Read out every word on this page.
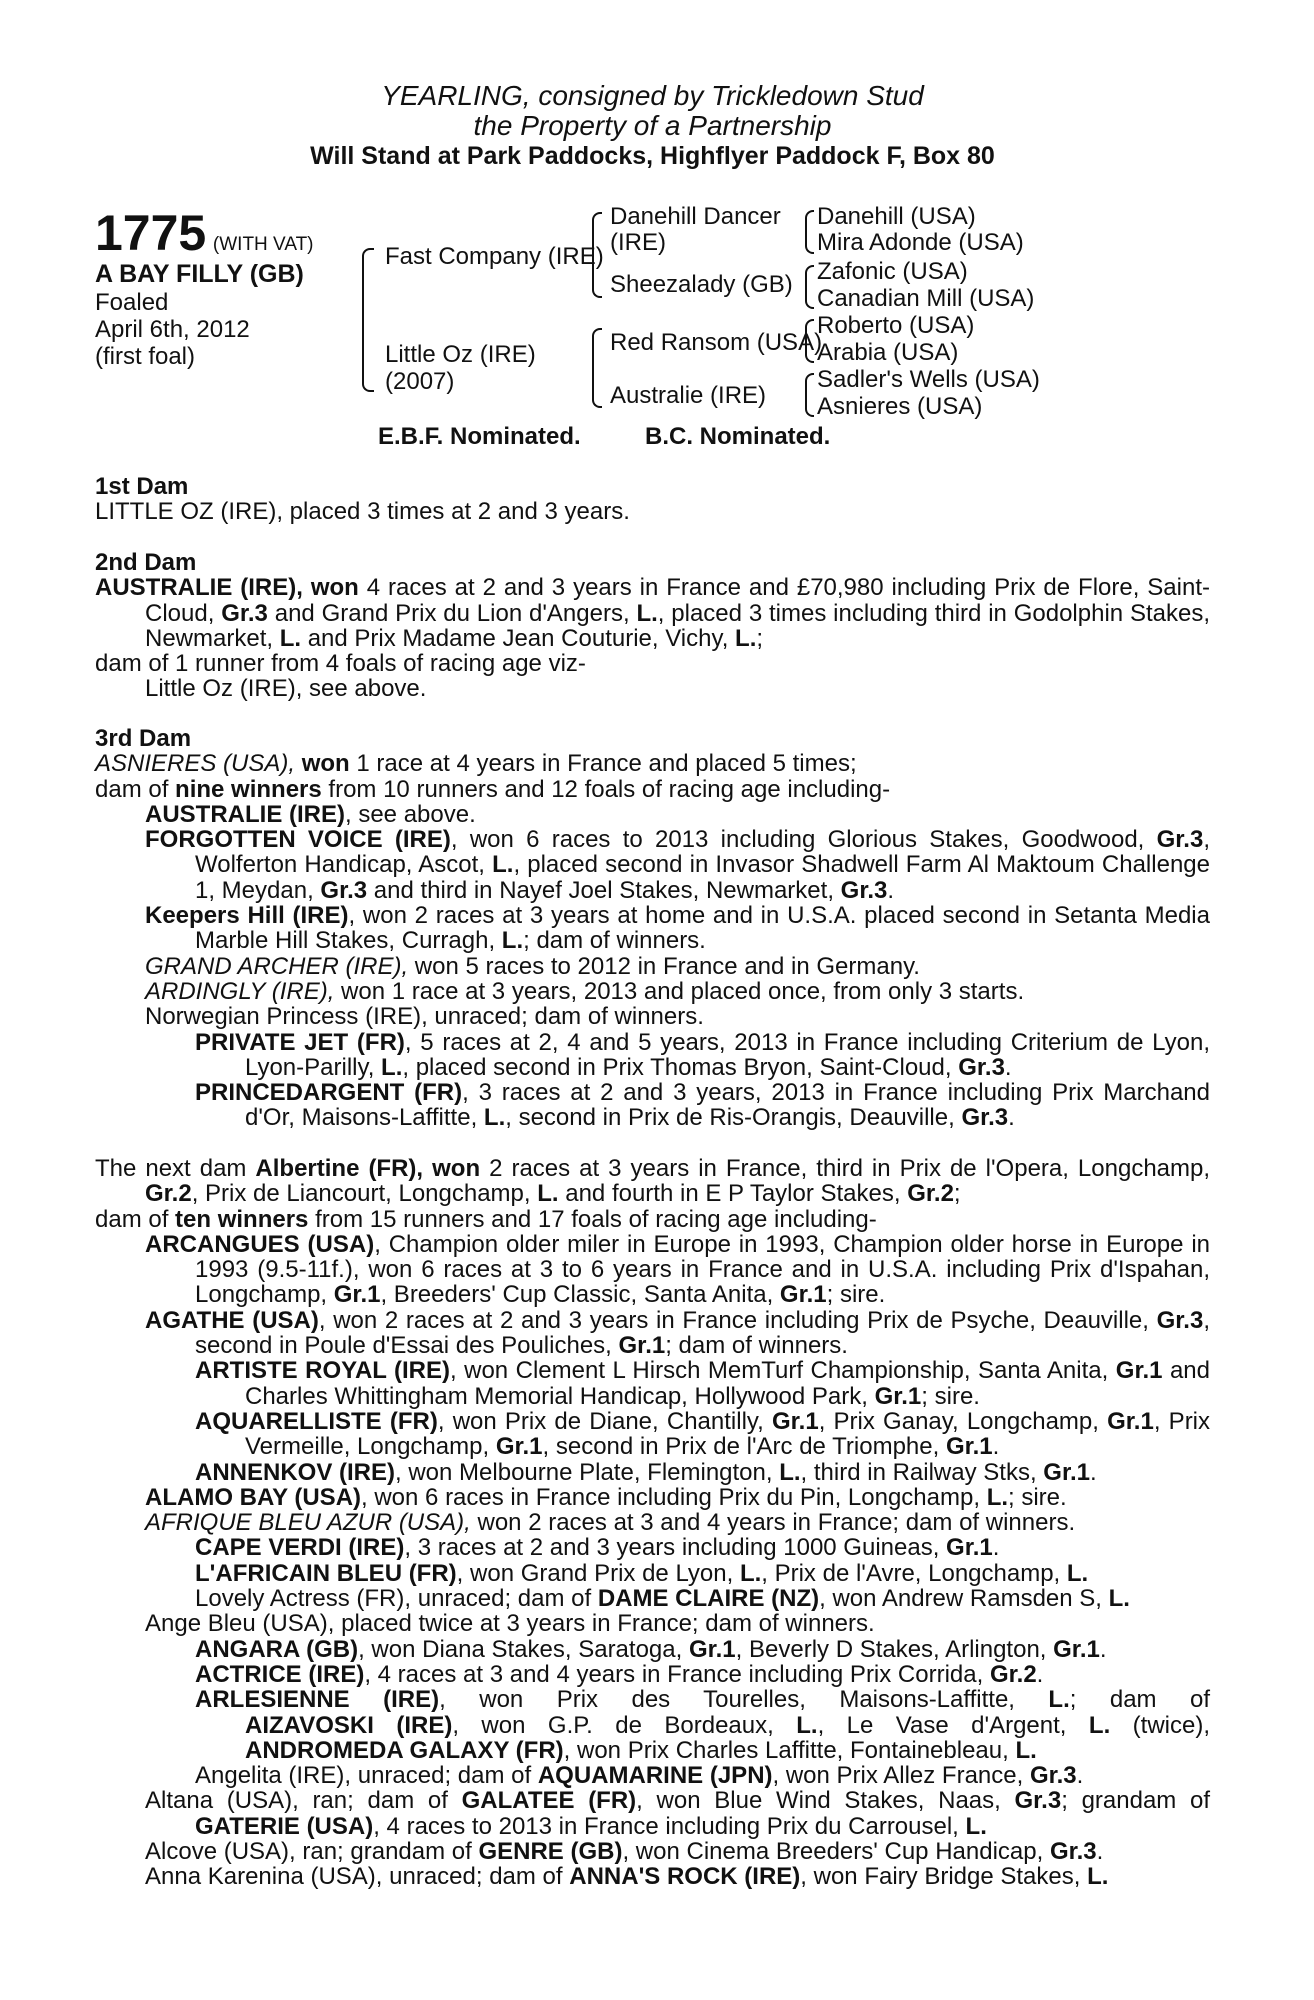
YEARLING, consigned by Trickledown Stud
the Property of a Partnership
Will Stand at Park Paddocks, Highflyer Paddock F, Box 80
1775 (WITH VAT)
A BAY FILLY (GB)
Foaled
April 6th, 2012
(first foal)
Fast Company (IRE)
Little Oz (IRE)
(2007)
Danehill Dancer
(IRE)
Sheezalady (GB)
Red Ransom (USA)
Australie (IRE)
Danehill (USA)
Mira Adonde (USA)
Zafonic (USA)
Canadian Mill (USA)
Roberto (USA)
Arabia (USA)
Sadler's Wells (USA)
Asnieres (USA)
E.B.F. Nominated.	B.C. Nominated.

1st Dam

LITTLE OZ (IRE), placed 3 times at 2 and 3 years.

2nd Dam

AUSTRALIE (IRE), won 4 races at 2 and 3 years in France and £70,980 including Prix de Flore, Saint-Cloud, Gr.3 and Grand Prix du Lion d'Angers, L., placed 3 times including third in Godolphin Stakes, Newmarket, L. and Prix Madame Jean Couturie, Vichy, L.;

dam of 1 runner from 4 foals of racing age viz-

Little Oz (IRE), see above.

3rd Dam

ASNIERES (USA), won 1 race at 4 years in France and placed 5 times;

dam of nine winners from 10 runners and 12 foals of racing age including-

AUSTRALIE (IRE), see above.

FORGOTTEN VOICE (IRE), won 6 races to 2013 including Glorious Stakes, Goodwood, Gr.3, Wolferton Handicap, Ascot, L., placed second in Invasor Shadwell Farm Al Maktoum Challenge 1, Meydan, Gr.3 and third in Nayef Joel Stakes, Newmarket, Gr.3.

Keepers Hill (IRE), won 2 races at 3 years at home and in U.S.A. placed second in Setanta Media Marble Hill Stakes, Curragh, L.; dam of winners.

GRAND ARCHER (IRE), won 5 races to 2012 in France and in Germany.

ARDINGLY (IRE), won 1 race at 3 years, 2013 and placed once, from only 3 starts.

Norwegian Princess (IRE), unraced; dam of winners.

PRIVATE JET (FR), 5 races at 2, 4 and 5 years, 2013 in France including Criterium de Lyon, Lyon-Parilly, L., placed second in Prix Thomas Bryon, Saint-Cloud, Gr.3.

PRINCEDARGENT (FR), 3 races at 2 and 3 years, 2013 in France including Prix Marchand d'Or, Maisons-Laffitte, L., second in Prix de Ris-Orangis, Deauville, Gr.3.

The next dam Albertine (FR), won 2 races at 3 years in France, third in Prix de l'Opera, Longchamp, Gr.2, Prix de Liancourt, Longchamp, L. and fourth in E P Taylor Stakes, Gr.2;

dam of ten winners from 15 runners and 17 foals of racing age including-

ARCANGUES (USA), Champion older miler in Europe in 1993, Champion older horse in Europe in 1993 (9.5-11f.), won 6 races at 3 to 6 years in France and in U.S.A. including Prix d'Ispahan, Longchamp, Gr.1, Breeders' Cup Classic, Santa Anita, Gr.1; sire.

AGATHE (USA), won 2 races at 2 and 3 years in France including Prix de Psyche, Deauville, Gr.3, second in Poule d'Essai des Pouliches, Gr.1; dam of winners.

ARTISTE ROYAL (IRE), won Clement L Hirsch MemTurf Championship, Santa Anita, Gr.1 and Charles Whittingham Memorial Handicap, Hollywood Park, Gr.1; sire.

AQUARELLISTE (FR), won Prix de Diane, Chantilly, Gr.1, Prix Ganay, Longchamp, Gr.1, Prix Vermeille, Longchamp, Gr.1, second in Prix de l'Arc de Triomphe, Gr.1.

ANNENKOV (IRE), won Melbourne Plate, Flemington, L., third in Railway Stks, Gr.1.

ALAMO BAY (USA), won 6 races in France including Prix du Pin, Longchamp, L.; sire.

AFRIQUE BLEU AZUR (USA), won 2 races at 3 and 4 years in France; dam of winners.

CAPE VERDI (IRE), 3 races at 2 and 3 years including 1000 Guineas, Gr.1.

L'AFRICAIN BLEU (FR), won Grand Prix de Lyon, L., Prix de l'Avre, Longchamp, L.

Lovely Actress (FR), unraced; dam of DAME CLAIRE (NZ), won Andrew Ramsden S, L.

Ange Bleu (USA), placed twice at 3 years in France; dam of winners.

ANGARA (GB), won Diana Stakes, Saratoga, Gr.1, Beverly D Stakes, Arlington, Gr.1.

ACTRICE (IRE), 4 races at 3 and 4 years in France including Prix Corrida, Gr.2.

ARLESIENNE (IRE), won Prix des Tourelles, Maisons-Laffitte, L.; dam of

AIZAVOSKI (IRE), won G.P. de Bordeaux, L., Le Vase d'Argent, L. (twice),

ANDROMEDA GALAXY (FR), won Prix Charles Laffitte, Fontainebleau, L.

Angelita (IRE), unraced; dam of AQUAMARINE (JPN), won Prix Allez France, Gr.3.

Altana (USA), ran; dam of GALATEE (FR), won Blue Wind Stakes, Naas, Gr.3; grandam of

GATERIE (USA), 4 races to 2013 in France including Prix du Carrousel, L.

Alcove (USA), ran; grandam of GENRE (GB), won Cinema Breeders' Cup Handicap, Gr.3.

Anna Karenina (USA), unraced; dam of ANNA'S ROCK (IRE), won Fairy Bridge Stakes, L.
